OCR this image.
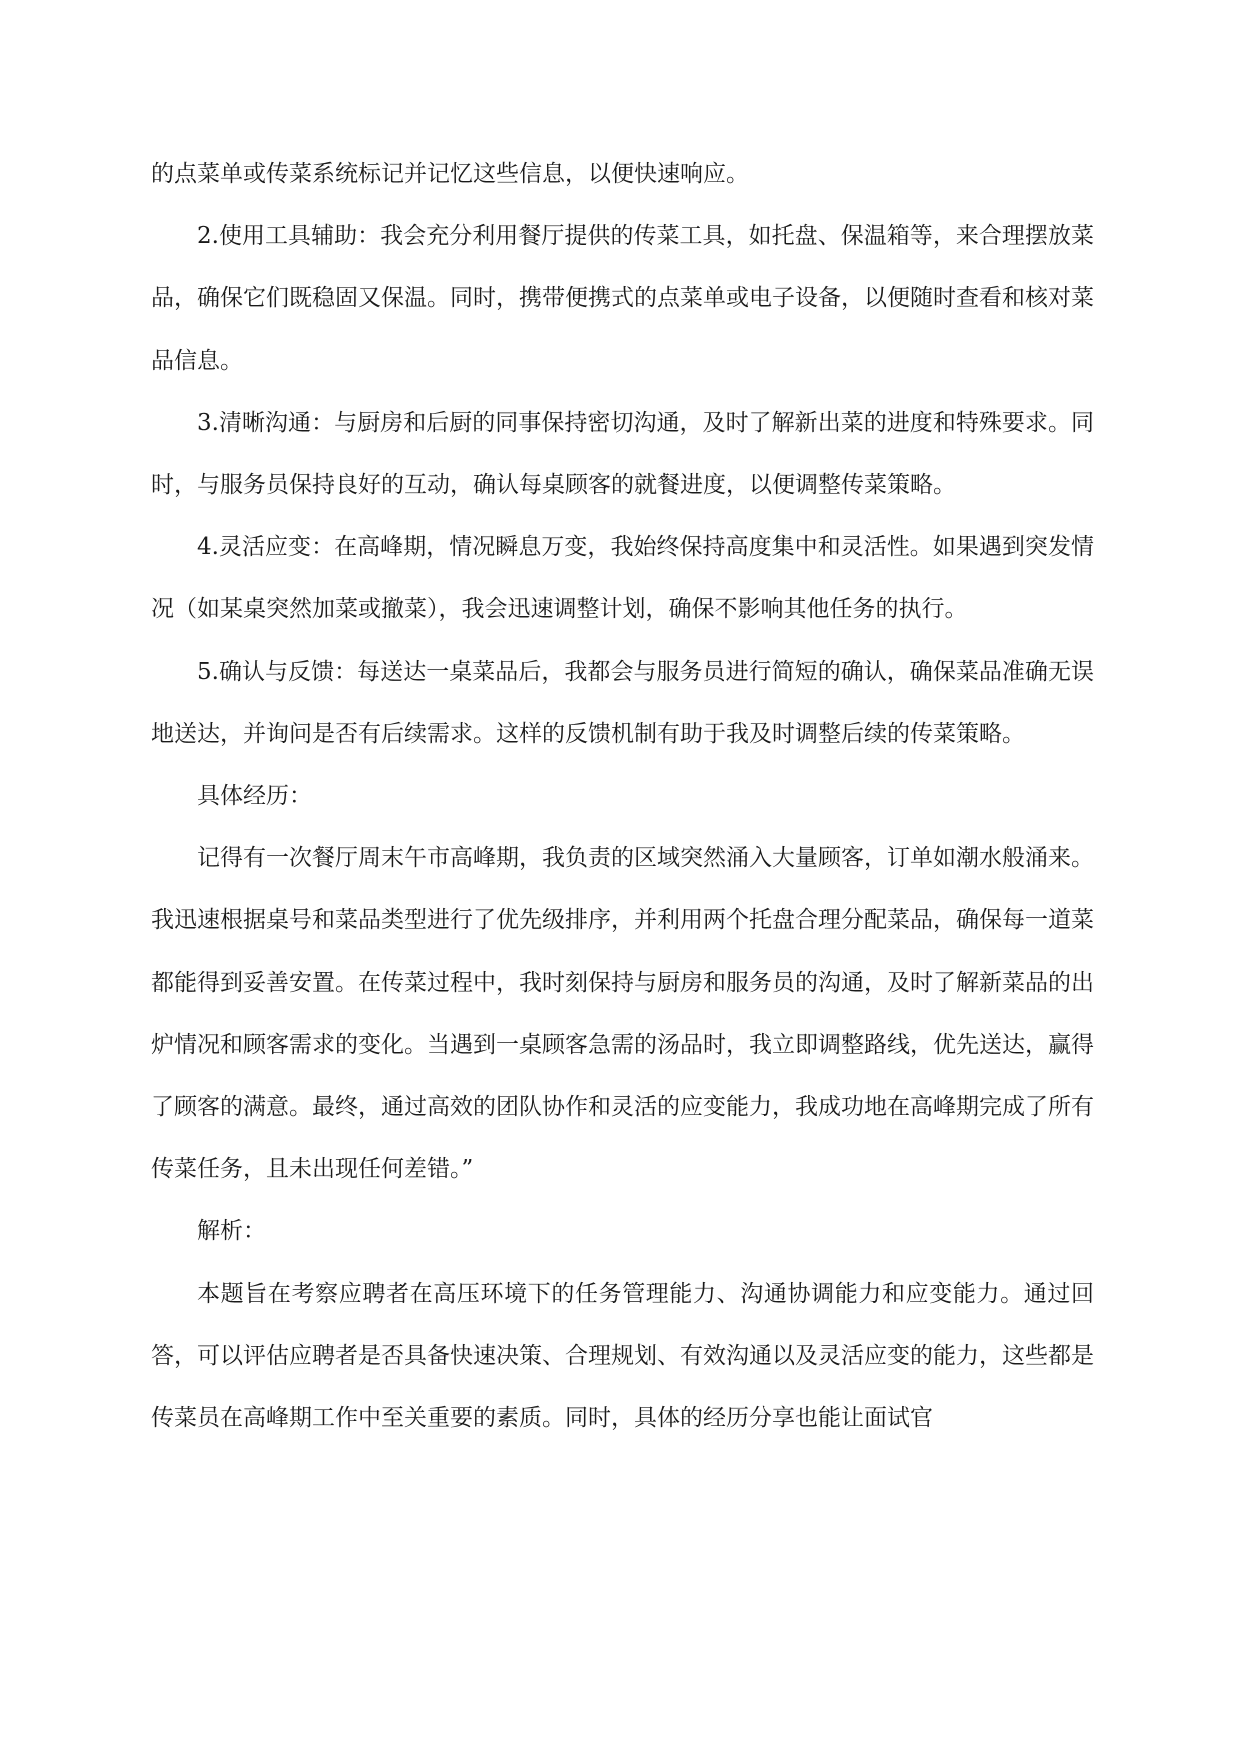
的点菜单或传菜系统标记并记忆这些信息，以便快速响应。

2.使用工具辅助：我会充分利用餐厅提供的传菜工具，如托盘、保温箱等，来合理摆放菜品，确保它们既稳固又保温。同时，携带便携式的点菜单或电子设备，以便随时查看和核对菜品信息。

3.清晰沟通：与厨房和后厨的同事保持密切沟通，及时了解新出菜的进度和特殊要求。同时，与服务员保持良好的互动，确认每桌顾客的就餐进度，以便调整传菜策略。

4.灵活应变：在高峰期，情况瞬息万变，我始终保持高度集中和灵活性。如果遇到突发情况（如某桌突然加菜或撤菜），我会迅速调整计划，确保不影响其他任务的执行。

5.确认与反馈：每送达一桌菜品后，我都会与服务员进行简短的确认，确保菜品准确无误地送达，并询问是否有后续需求。这样的反馈机制有助于我及时调整后续的传菜策略。

具体经历：

记得有一次餐厅周末午市高峰期，我负责的区域突然涌入大量顾客，订单如潮水般涌来。我迅速根据桌号和菜品类型进行了优先级排序，并利用两个托盘合理分配菜品，确保每一道菜都能得到妥善安置。在传菜过程中，我时刻保持与厨房和服务员的沟通，及时了解新菜品的出炉情况和顾客需求的变化。当遇到一桌顾客急需的汤品时，我立即调整路线，优先送达，赢得了顾客的满意。最终，通过高效的团队协作和灵活的应变能力，我成功地在高峰期完成了所有传菜任务，且未出现任何差错。”

解析：

本题旨在考察应聘者在高压环境下的任务管理能力、沟通协调能力和应变能力。通过回答，可以评估应聘者是否具备快速决策、合理规划、有效沟通以及灵活应变的能力，这些都是传菜员在高峰期工作中至关重要的素质。同时，具体的经历分享也能让面试官
